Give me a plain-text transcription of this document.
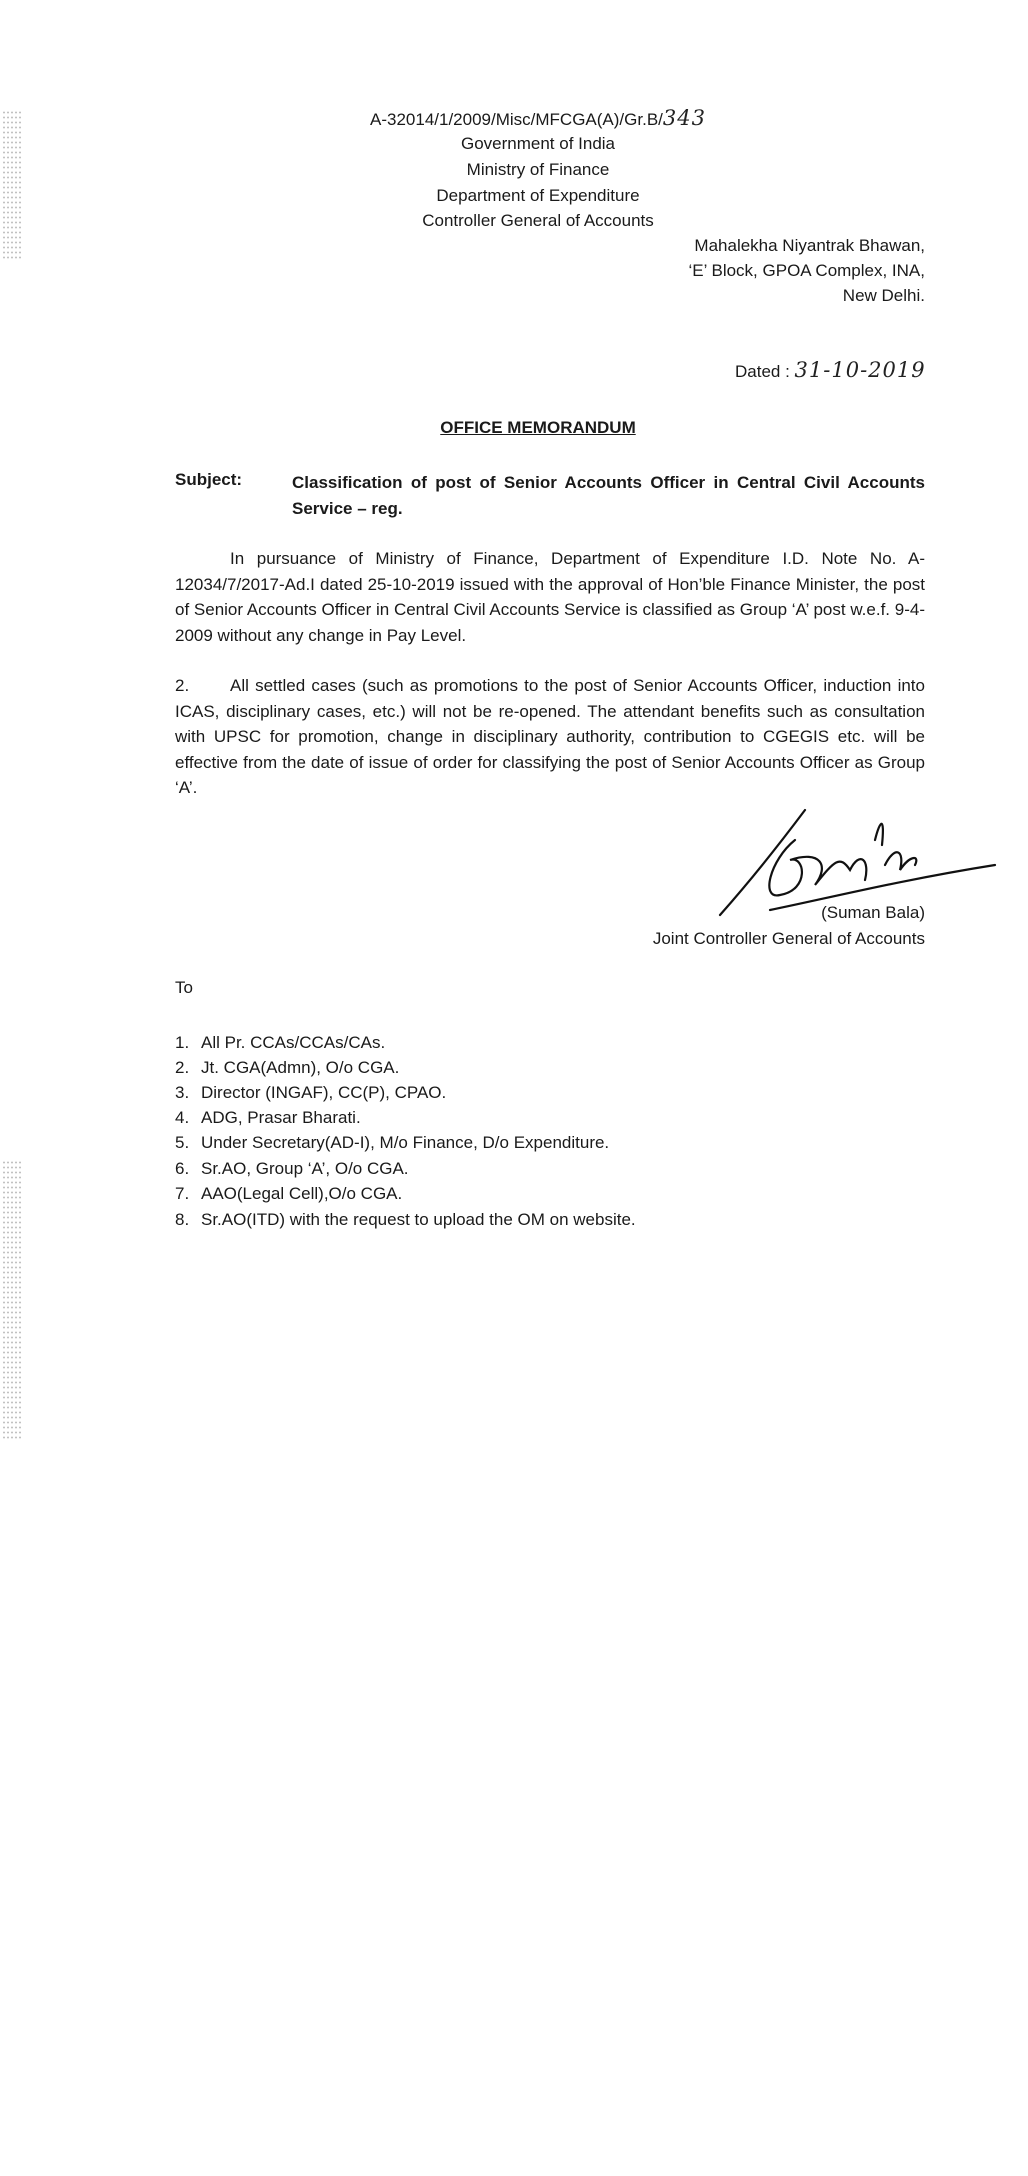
A-32014/1/2009/Misc/MFCGA(A)/Gr.B/343
Government of India
Ministry of Finance
Department of Expenditure
Controller General of Accounts
Mahalekha Niyantrak Bhawan,
‘E’ Block, GPOA Complex, INA,
New Delhi.
Dated : 31-10-2019
OFFICE MEMORANDUM
Subject:	Classification of post of Senior Accounts Officer in Central Civil Accounts Service – reg.
In pursuance of Ministry of Finance, Department of Expenditure I.D. Note No. A-12034/7/2017-Ad.I dated 25-10-2019 issued with the approval of Hon’ble Finance Minister, the post of Senior Accounts Officer in Central Civil Accounts Service is classified as Group ‘A’ post w.e.f. 9-4-2009 without any change in Pay Level.
2. All settled cases (such as promotions to the post of Senior Accounts Officer, induction into ICAS, disciplinary cases, etc.) will not be re-opened. The attendant benefits such as consultation with UPSC for promotion, change in disciplinary authority, contribution to CGEGIS etc. will be effective from the date of issue of order for classifying the post of Senior Accounts Officer as Group ‘A’.
(Suman Bala)
Joint Controller General of Accounts
To
1. All Pr. CCAs/CCAs/CAs.
2. Jt. CGA(Admn), O/o CGA.
3. Director (INGAF), CC(P), CPAO.
4. ADG, Prasar Bharati.
5. Under Secretary(AD-I), M/o Finance, D/o Expenditure.
6. Sr.AO, Group ‘A’, O/o CGA.
7. AAO(Legal Cell),O/o CGA.
8. Sr.AO(ITD) with the request to upload the OM on website.
